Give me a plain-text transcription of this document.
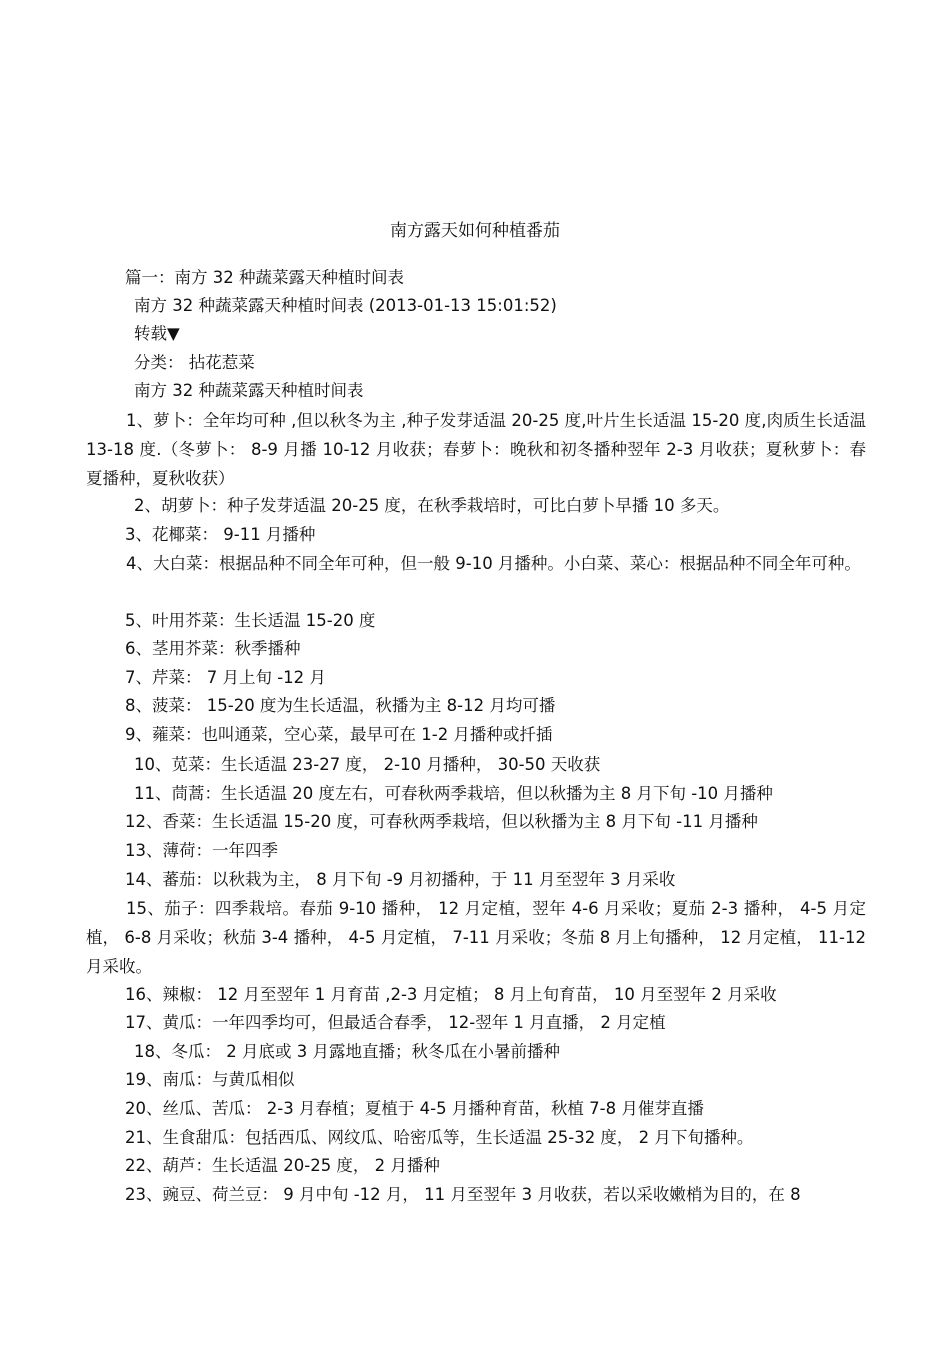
南方露天如何种植番茄
篇一：南方 32 种蔬菜露天种植时间表
南方 32 种蔬菜露天种植时间表 (2013-01-13 15:01:52)
转载▼
分类： 拈花惹菜
南方 32 种蔬菜露天种植时间表
1、萝卜：全年均可种 ,但以秋冬为主 ,种子发芽适温 20-25 度,叶片生长适温 15-20 度,肉质生长适温 13-18 度.（冬萝卜： 8-9 月播 10-12 月收获；春萝卜：晚秋和初冬播种翌年 2-3 月收获；夏秋萝卜：春夏播种，夏秋收获）
2、胡萝卜：种子发芽适温 20-25 度，在秋季栽培时，可比白萝卜早播 10 多天。
3、花椰菜： 9-11 月播种
4、大白菜：根据品种不同全年可种，但一般 9-10 月播种。小白菜、菜心：根据品种不同全年可种。
5、叶用芥菜：生长适温 15-20 度
6、茎用芥菜：秋季播种
7、芹菜： 7 月上旬 -12 月
8、菠菜： 15-20 度为生长适温，秋播为主 8-12 月均可播
9、蕹菜：也叫通菜，空心菜，最早可在 1-2 月播种或扦插
10、苋菜：生长适温 23-27 度， 2-10 月播种， 30-50 天收获
11、茼蒿：生长适温 20 度左右，可春秋两季栽培，但以秋播为主 8 月下旬 -10 月播种
12、香菜：生长适温 15-20 度，可春秋两季栽培，但以秋播为主 8 月下旬 -11 月播种
13、薄荷：一年四季
14、蕃茄：以秋栽为主， 8 月下旬 -9 月初播种，于 11 月至翌年 3 月采收
15、茄子：四季栽培。春茄 9-10 播种， 12 月定植，翌年 4-6 月采收；夏茄 2-3 播种， 4-5 月定植， 6-8 月采收；秋茄 3-4 播种， 4-5 月定植， 7-11 月采收；冬茄 8 月上旬播种， 12 月定植， 11-12 月采收。
16、辣椒： 12 月至翌年 1 月育苗 ,2-3 月定植； 8 月上旬育苗， 10 月至翌年 2 月采收
17、黄瓜：一年四季均可，但最适合春季， 12-翌年 1 月直播， 2 月定植
18、冬瓜： 2 月底或 3 月露地直播；秋冬瓜在小暑前播种
19、南瓜：与黄瓜相似
20、丝瓜、苦瓜： 2-3 月春植；夏植于 4-5 月播种育苗，秋植 7-8 月催芽直播
21、生食甜瓜：包括西瓜、网纹瓜、哈密瓜等，生长适温 25-32 度， 2 月下旬播种。
22、葫芦：生长适温 20-25 度， 2 月播种
23、豌豆、荷兰豆： 9 月中旬 -12 月， 11 月至翌年 3 月收获，若以采收嫩梢为目的，在 8
